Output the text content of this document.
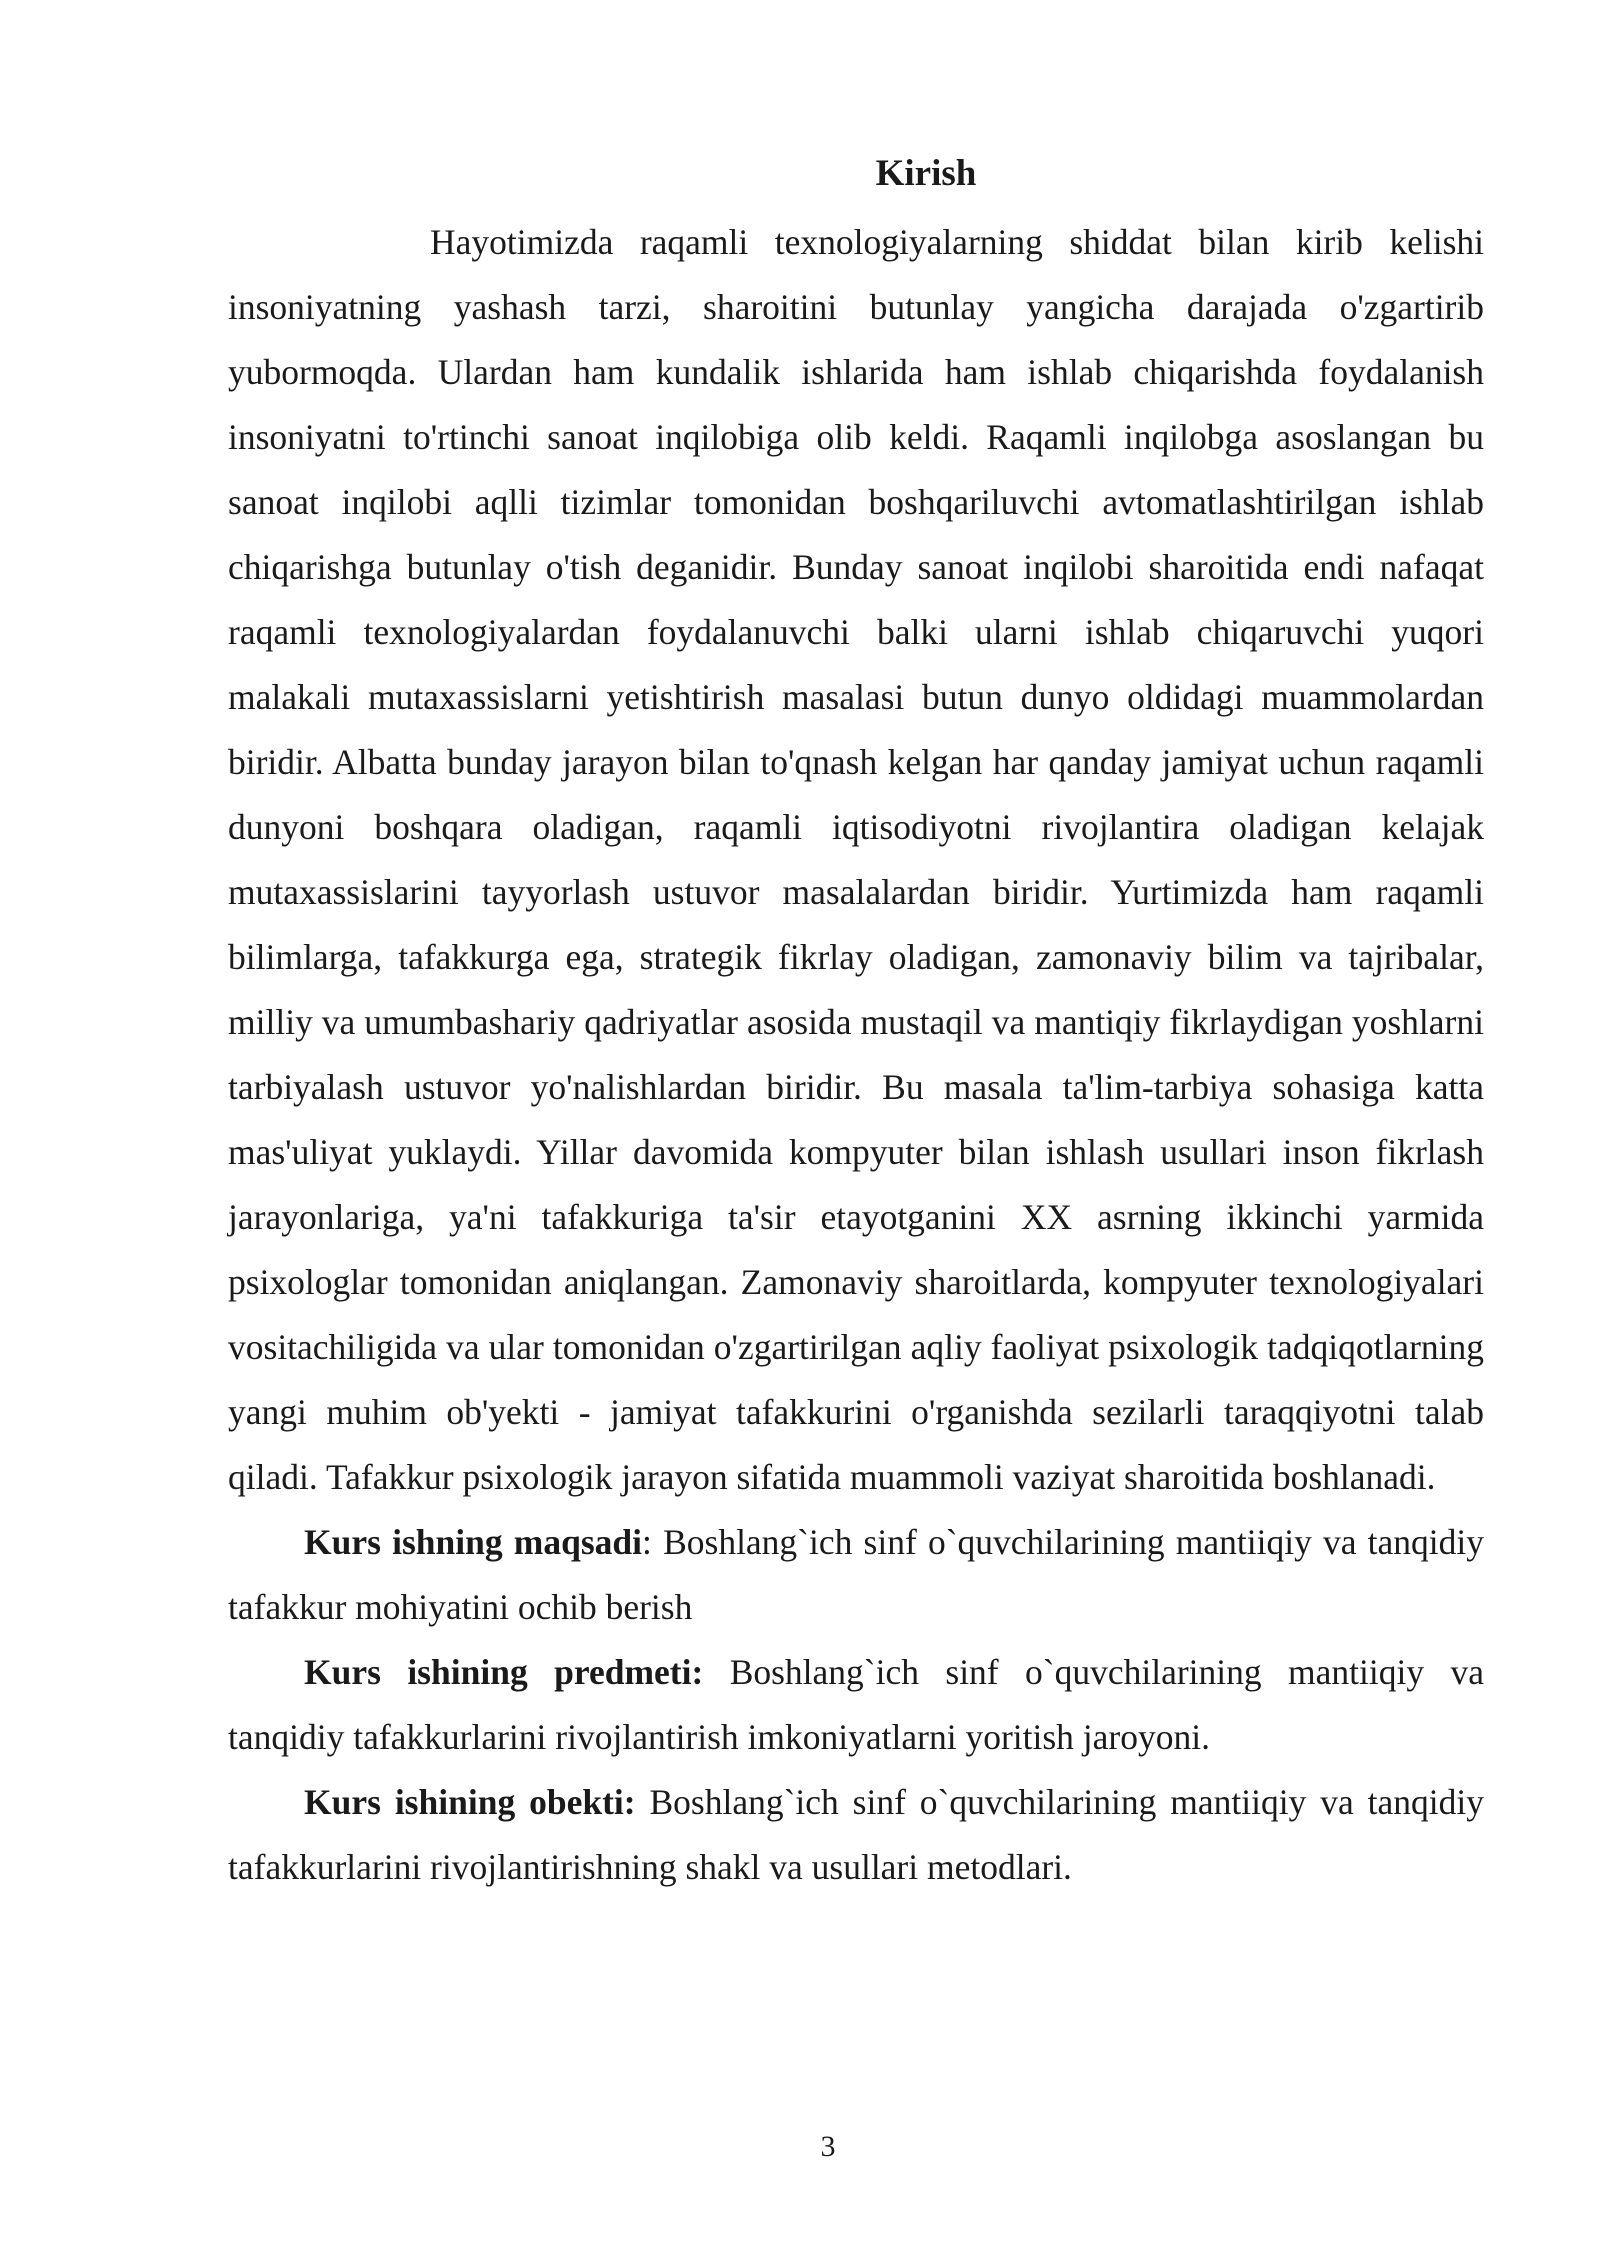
Kirish

Hayotimizda raqamli texnologiyalarning shiddat bilan kirib kelishi insoniyatning yashash tarzi, sharoitini butunlay yangicha darajada o'zgartirib yubormoqda. Ulardan ham kundalik ishlarida ham ishlab chiqarishda foydalanish insoniyatni to'rtinchi sanoat inqilobiga olib keldi. Raqamli inqilobga asoslangan bu sanoat inqilobi aqlli tizimlar tomonidan boshqariluvchi avtomatlashtirilgan ishlab chiqarishga butunlay o'tish deganidir. Bunday sanoat inqilobi sharoitida endi nafaqat raqamli texnologiyalardan foydalanuvchi balki ularni ishlab chiqaruvchi yuqori malakali mutaxassislarni yetishtirish masalasi butun dunyo oldidagi muammolardan biridir. Albatta bunday jarayon bilan to'qnash kelgan har qanday jamiyat uchun raqamli dunyoni boshqara oladigan, raqamli iqtisodiyotni rivojlantira oladigan kelajak mutaxassislarini tayyorlash ustuvor masalalardan biridir. Yurtimizda ham raqamli bilimlarga, tafakkurga ega, strategik fikrlay oladigan, zamonaviy bilim va tajribalar, milliy va umumbashariy qadriyatlar asosida mustaqil va mantiqiy fikrlaydigan yoshlarni tarbiyalash ustuvor yo'nalishlardan biridir. Bu masala ta'lim-tarbiya sohasiga katta mas'uliyat yuklaydi. Yillar davomida kompyuter bilan ishlash usullari inson fikrlash jarayonlariga, ya'ni tafakkuriga ta'sir etayotganini XX asrning ikkinchi yarmida psixologlar tomonidan aniqlangan. Zamonaviy sharoitlarda, kompyuter texnologiyalari vositachiligida va ular tomonidan o'zgartirilgan aqliy faoliyat psixologik tadqiqotlarning yangi muhim ob'yekti - jamiyat tafakkurini o'rganishda sezilarli taraqqiyotni talab qiladi. Tafakkur psixologik jarayon sifatida muammoli vaziyat sharoitida boshlanadi.

Kurs ishning maqsadi: Boshlang`ich sinf o`quvchilarining mantiiqiy va tanqidiy tafakkur mohiyatini ochib berish

Kurs ishining predmeti: Boshlang`ich sinf o`quvchilarining mantiiqiy va tanqidiy tafakkurlarini rivojlantirish imkoniyatlarni yoritish jaroyoni.

Kurs ishining obekti: Boshlang`ich sinf o`quvchilarining mantiiqiy va tanqidiy tafakkurlarini rivojlantirishning shakl va usullari metodlari.

3
